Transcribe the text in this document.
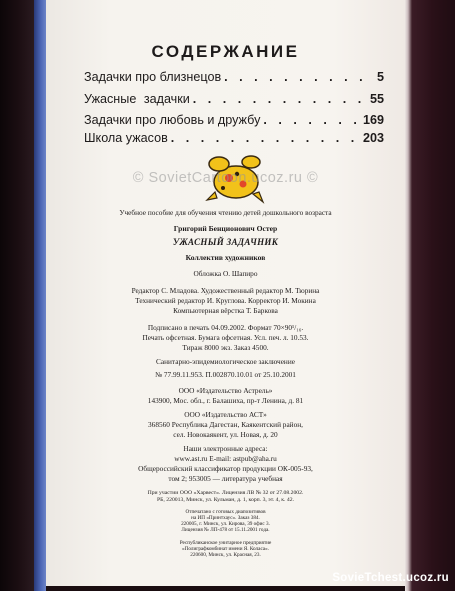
СОДЕРЖАНИЕ
Задачки про близнецов . . .	5
Ужасные задачки . . .	55
Задачки про любовь и дружбу . . .	169
Школа ужасов . . .	203
© SovietCartoon.ucoz.ru ©
Учебное пособие для обучения чтению детей дошкольного возраста
Григорий Бенционович Остер
УЖАСНЫЙ ЗАДАЧНИК
Коллектив художников
Обложка О. Шапиро
Редактор С. Младова. Художественный редактор М. Тюрина
Технический редактор И. Круглова. Корректор И. Мокина
Компьютерная вёрстка Т. Баркова
Подписано в печать 04.09.2002. Формат 70×90¹/₁₆.
Печать офсетная. Бумага офсетная. Усл. печ. л. 10.53.
Тираж 8000 экз. Заказ 4500.
Санитарно-эпидемиологическое заключение
№ 77.99.11.953. П.002870.10.01 от 25.10.2001
ООО «Издательство Астрель»
143900, Мос. обл., г. Балашиха, пр-т Ленина, д. 81
ООО «Издательство АСТ»
368560 Республика Дагестан, Каякентский район,
сел. Новокаякент, ул. Новая, д. 20
Наши электронные адреса:
www.ast.ru E-mail: astpub@aha.ru
Общероссийский классификатор продукции ОК-005-93,
том 2; 953005 — литература учебная
При участии ООО «Харвест». Лицензия ЛВ № 32 от 27.08.2002.
РБ, 220013, Минск, ул. Кульман, д. 1, корп. 3, эт. 4, к. 42.
Отпечатано с готовых диапозитивов
на ИП «Принтхаус». Заказ 384.
220005, г. Минск, ул. Кирова, 39 офис 3.
Лицензия № ЛП-478 от 15.11.2001 года.
Республиканское унитарное предприятие
«Полиграфкомбинат имени Я. Коласа».
220600, Минск, ул. Красная, 23.
SovieTchest.ucoz.ru
